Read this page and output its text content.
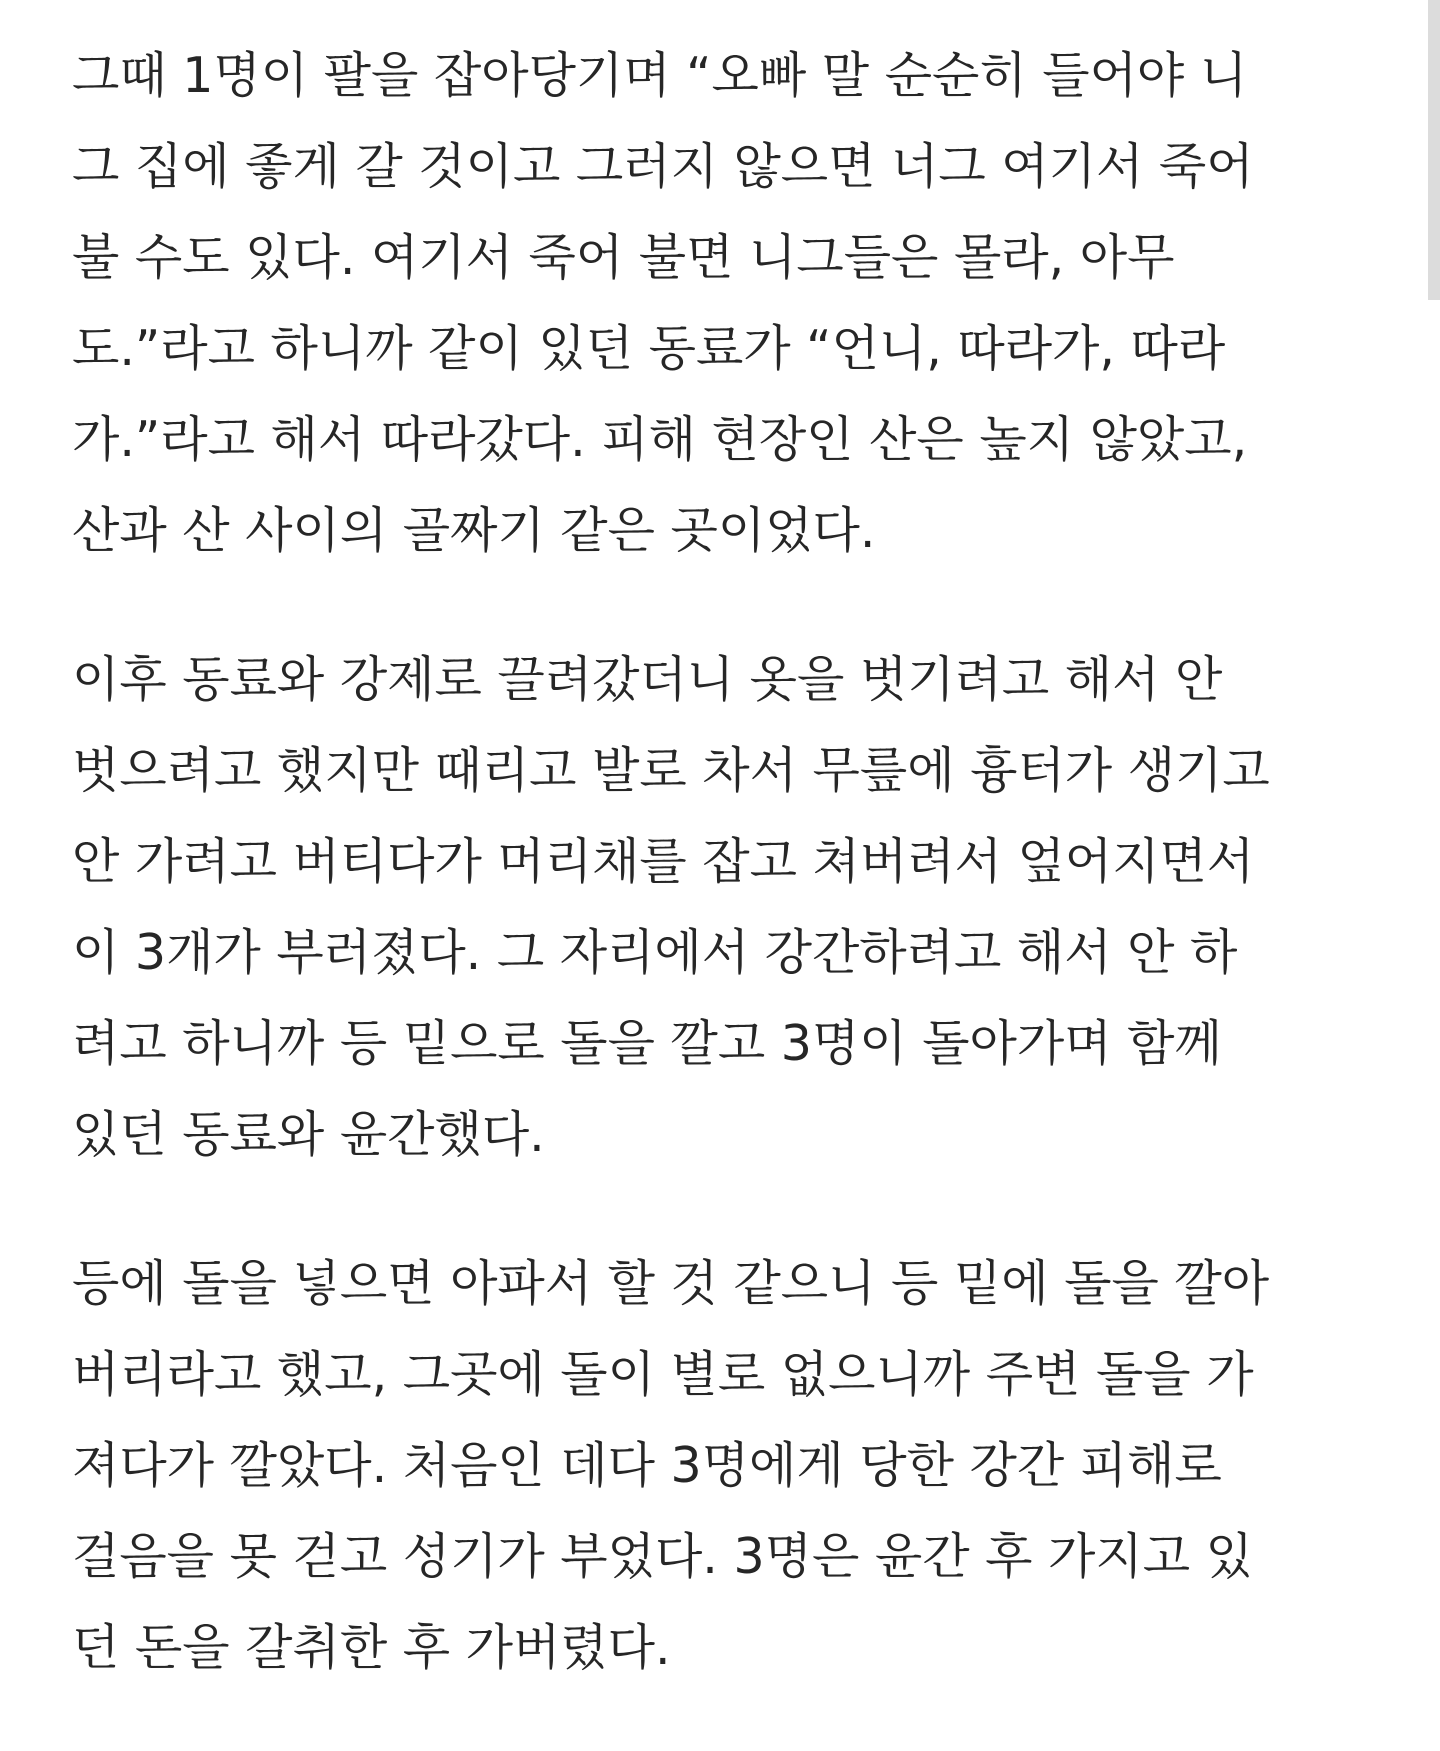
그때 1명이 팔을 잡아당기며 “오빠 말 순순히 들어야 니
그 집에 좋게 갈 것이고 그러지 않으면 너그 여기서 죽어
불 수도 있다. 여기서 죽어 불면 니그들은 몰라, 아무
도.”라고 하니까 같이 있던 동료가 “언니, 따라가, 따라
가.”라고 해서 따라갔다. 피해 현장인 산은 높지 않았고,
산과 산 사이의 골짜기 같은 곳이었다.
이후 동료와 강제로 끌려갔더니 옷을 벗기려고 해서 안
벗으려고 했지만 때리고 발로 차서 무릎에 흉터가 생기고
안 가려고 버티다가 머리채를 잡고 쳐버려서 엎어지면서
이 3개가 부러졌다. 그 자리에서 강간하려고 해서 안 하
려고 하니까 등 밑으로 돌을 깔고 3명이 돌아가며 함께
있던 동료와 윤간했다.
등에 돌을 넣으면 아파서 할 것 같으니 등 밑에 돌을 깔아
버리라고 했고, 그곳에 돌이 별로 없으니까 주변 돌을 가
져다가 깔았다. 처음인 데다 3명에게 당한 강간 피해로
걸음을 못 걷고 성기가 부었다. 3명은 윤간 후 가지고 있
던 돈을 갈취한 후 가버렸다.
